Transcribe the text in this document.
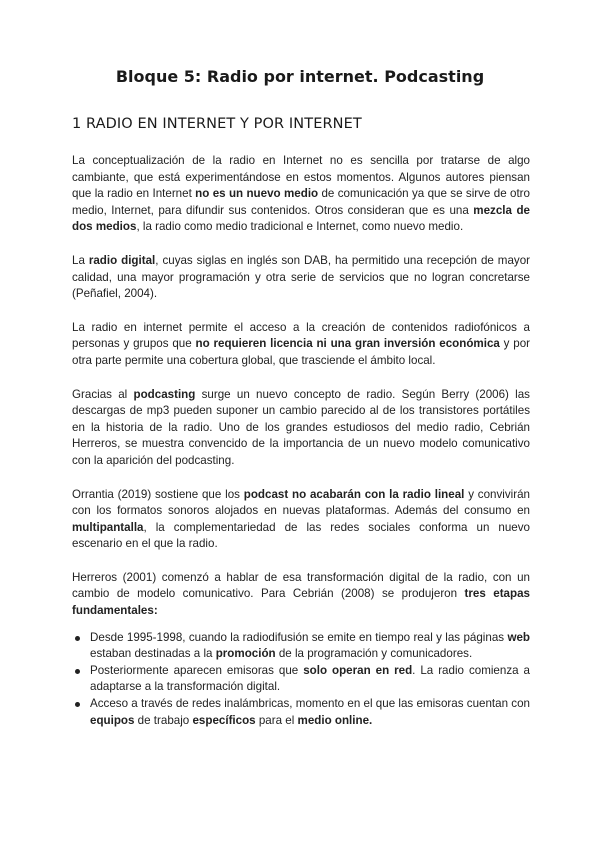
Bloque 5: Radio por internet. Podcasting
1 RADIO EN INTERNET Y POR INTERNET

La conceptualización de la radio en Internet no es sencilla por tratarse de algo cambiante, que está experimentándose en estos momentos. Algunos autores piensan que la radio en Internet no es un nuevo medio de comunicación ya que se sirve de otro medio, Internet, para difundir sus contenidos. Otros consideran que es una mezcla de dos medios, la radio como medio tradicional e Internet, como nuevo medio.

La radio digital, cuyas siglas en inglés son DAB, ha permitido una recepción de mayor calidad, una mayor programación y otra serie de servicios que no logran concretarse (Peñafiel, 2004).

La radio en internet permite el acceso a la creación de contenidos radiofónicos a personas y grupos que no requieren licencia ni una gran inversión económica y por otra parte permite una cobertura global, que trasciende el ámbito local.

Gracias al podcasting surge un nuevo concepto de radio. Según Berry (2006) las descargas de mp3 pueden suponer un cambio parecido al de los transistores portátiles en la historia de la radio. Uno de los grandes estudiosos del medio radio, Cebrián Herreros, se muestra convencido de la importancia de un nuevo modelo comunicativo con la aparición del podcasting.

Orrantia (2019) sostiene que los podcast no acabarán con la radio lineal y convivirán con los formatos sonoros alojados en nuevas plataformas. Además del consumo en multipantalla, la complementariedad de las redes sociales conforma un nuevo escenario en el que la radio.

Herreros (2001) comenzó a hablar de esa transformación digital de la radio, con un cambio de modelo comunicativo. Para Cebrián (2008) se produjeron tres etapas fundamentales:

Desde 1995-1998, cuando la radiodifusión se emite en tiempo real y las páginas web estaban destinadas a la promoción de la programación y comunicadores.
Posteriormente aparecen emisoras que solo operan en red. La radio comienza a adaptarse a la transformación digital.
Acceso a través de redes inalámbricas, momento en el que las emisoras cuentan con equipos de trabajo específicos para el medio online.
